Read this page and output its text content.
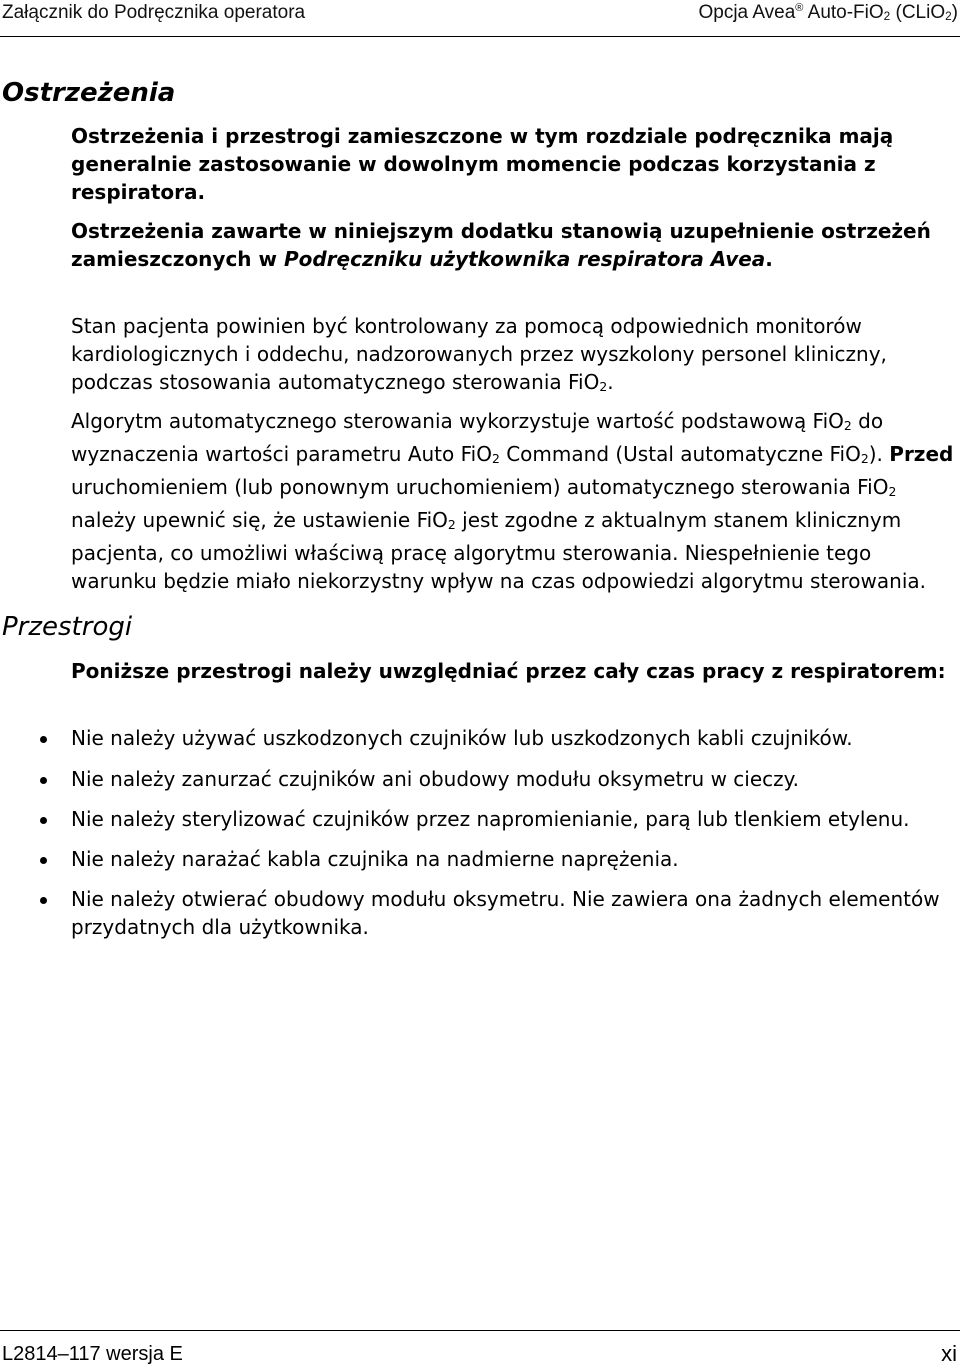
Załącznik do Podręcznika operatora	Opcja Avea® Auto-FiO$_2$ (CLiO$_2$)
Ostrzeżenia

Ostrzeżenia i przestrogi zamieszczone w tym rozdziale podręcznika mają generalnie zastosowanie w dowolnym momencie podczas korzystania z respiratora.

Ostrzeżenia zawarte w niniejszym dodatku stanowią uzupełnienie ostrzeżeń zamieszczonych w Podręczniku użytkownika respiratora Avea.

Stan pacjenta powinien być kontrolowany za pomocą odpowiednich monitorów kardiologicznych i oddechu, nadzorowanych przez wyszkolony personel kliniczny, podczas stosowania automatycznego sterowania FiO$_2$.

Algorytm automatycznego sterowania wykorzystuje wartość podstawową FiO$_2$ do wyznaczenia wartości parametru Auto FiO$_2$ Command (Ustal automatyczne FiO$_2$). Przed uruchomieniem (lub ponownym uruchomieniem) automatycznego sterowania FiO$_2$ należy upewnić się, że ustawienie FiO$_2$ jest zgodne z aktualnym stanem klinicznym pacjenta, co umożliwi właściwą pracę algorytmu sterowania. Niespełnienie tego warunku będzie miało niekorzystny wpływ na czas odpowiedzi algorytmu sterowania.

Przestrogi

Poniższe przestrogi należy uwzględniać przez cały czas pracy z respiratorem:

Nie należy używać uszkodzonych czujników lub uszkodzonych kabli czujników.
Nie należy zanurzać czujników ani obudowy modułu oksymetru w cieczy.
Nie należy sterylizować czujników przez napromienianie, parą lub tlenkiem etylenu.
Nie należy narażać kabla czujnika na nadmierne naprężenia.
Nie należy otwierać obudowy modułu oksymetru. Nie zawiera ona żadnych elementów przydatnych dla użytkownika.
L2814–117 wersja E	xi
